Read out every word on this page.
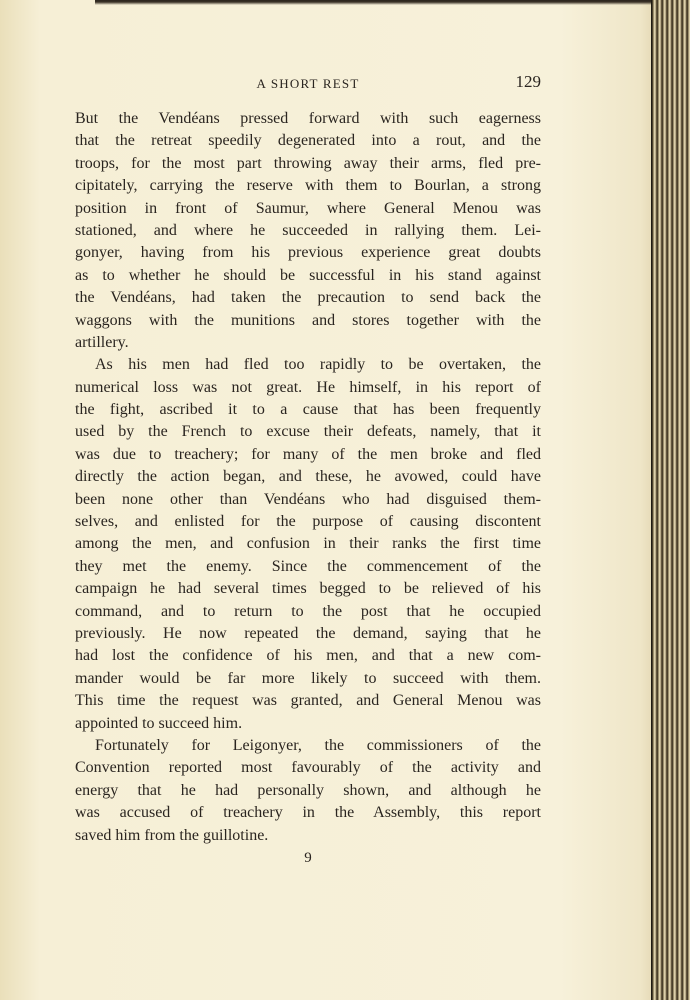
A SHORT REST	129
But the Vendéans pressed forward with such eagerness
that the retreat speedily degenerated into a rout, and the
troops, for the most part throwing away their arms, fled pre-
cipitately, carrying the reserve with them to Bourlan, a strong
position in front of Saumur, where General Menou was
stationed, and where he succeeded in rallying them. Lei-
gonyer, having from his previous experience great doubts
as to whether he should be successful in his stand against
the Vendéans, had taken the precaution to send back the
waggons with the munitions and stores together with the
artillery.
As his men had fled too rapidly to be overtaken, the
numerical loss was not great. He himself, in his report of
the fight, ascribed it to a cause that has been frequently
used by the French to excuse their defeats, namely, that it
was due to treachery; for many of the men broke and fled
directly the action began, and these, he avowed, could have
been none other than Vendéans who had disguised them-
selves, and enlisted for the purpose of causing discontent
among the men, and confusion in their ranks the first time
they met the enemy. Since the commencement of the
campaign he had several times begged to be relieved of his
command, and to return to the post that he occupied
previously. He now repeated the demand, saying that he
had lost the confidence of his men, and that a new com-
mander would be far more likely to succeed with them.
This time the request was granted, and General Menou was
appointed to succeed him.
Fortunately for Leigonyer, the commissioners of the
Convention reported most favourably of the activity and
energy that he had personally shown, and although he
was accused of treachery in the Assembly, this report
saved him from the guillotine.
9
